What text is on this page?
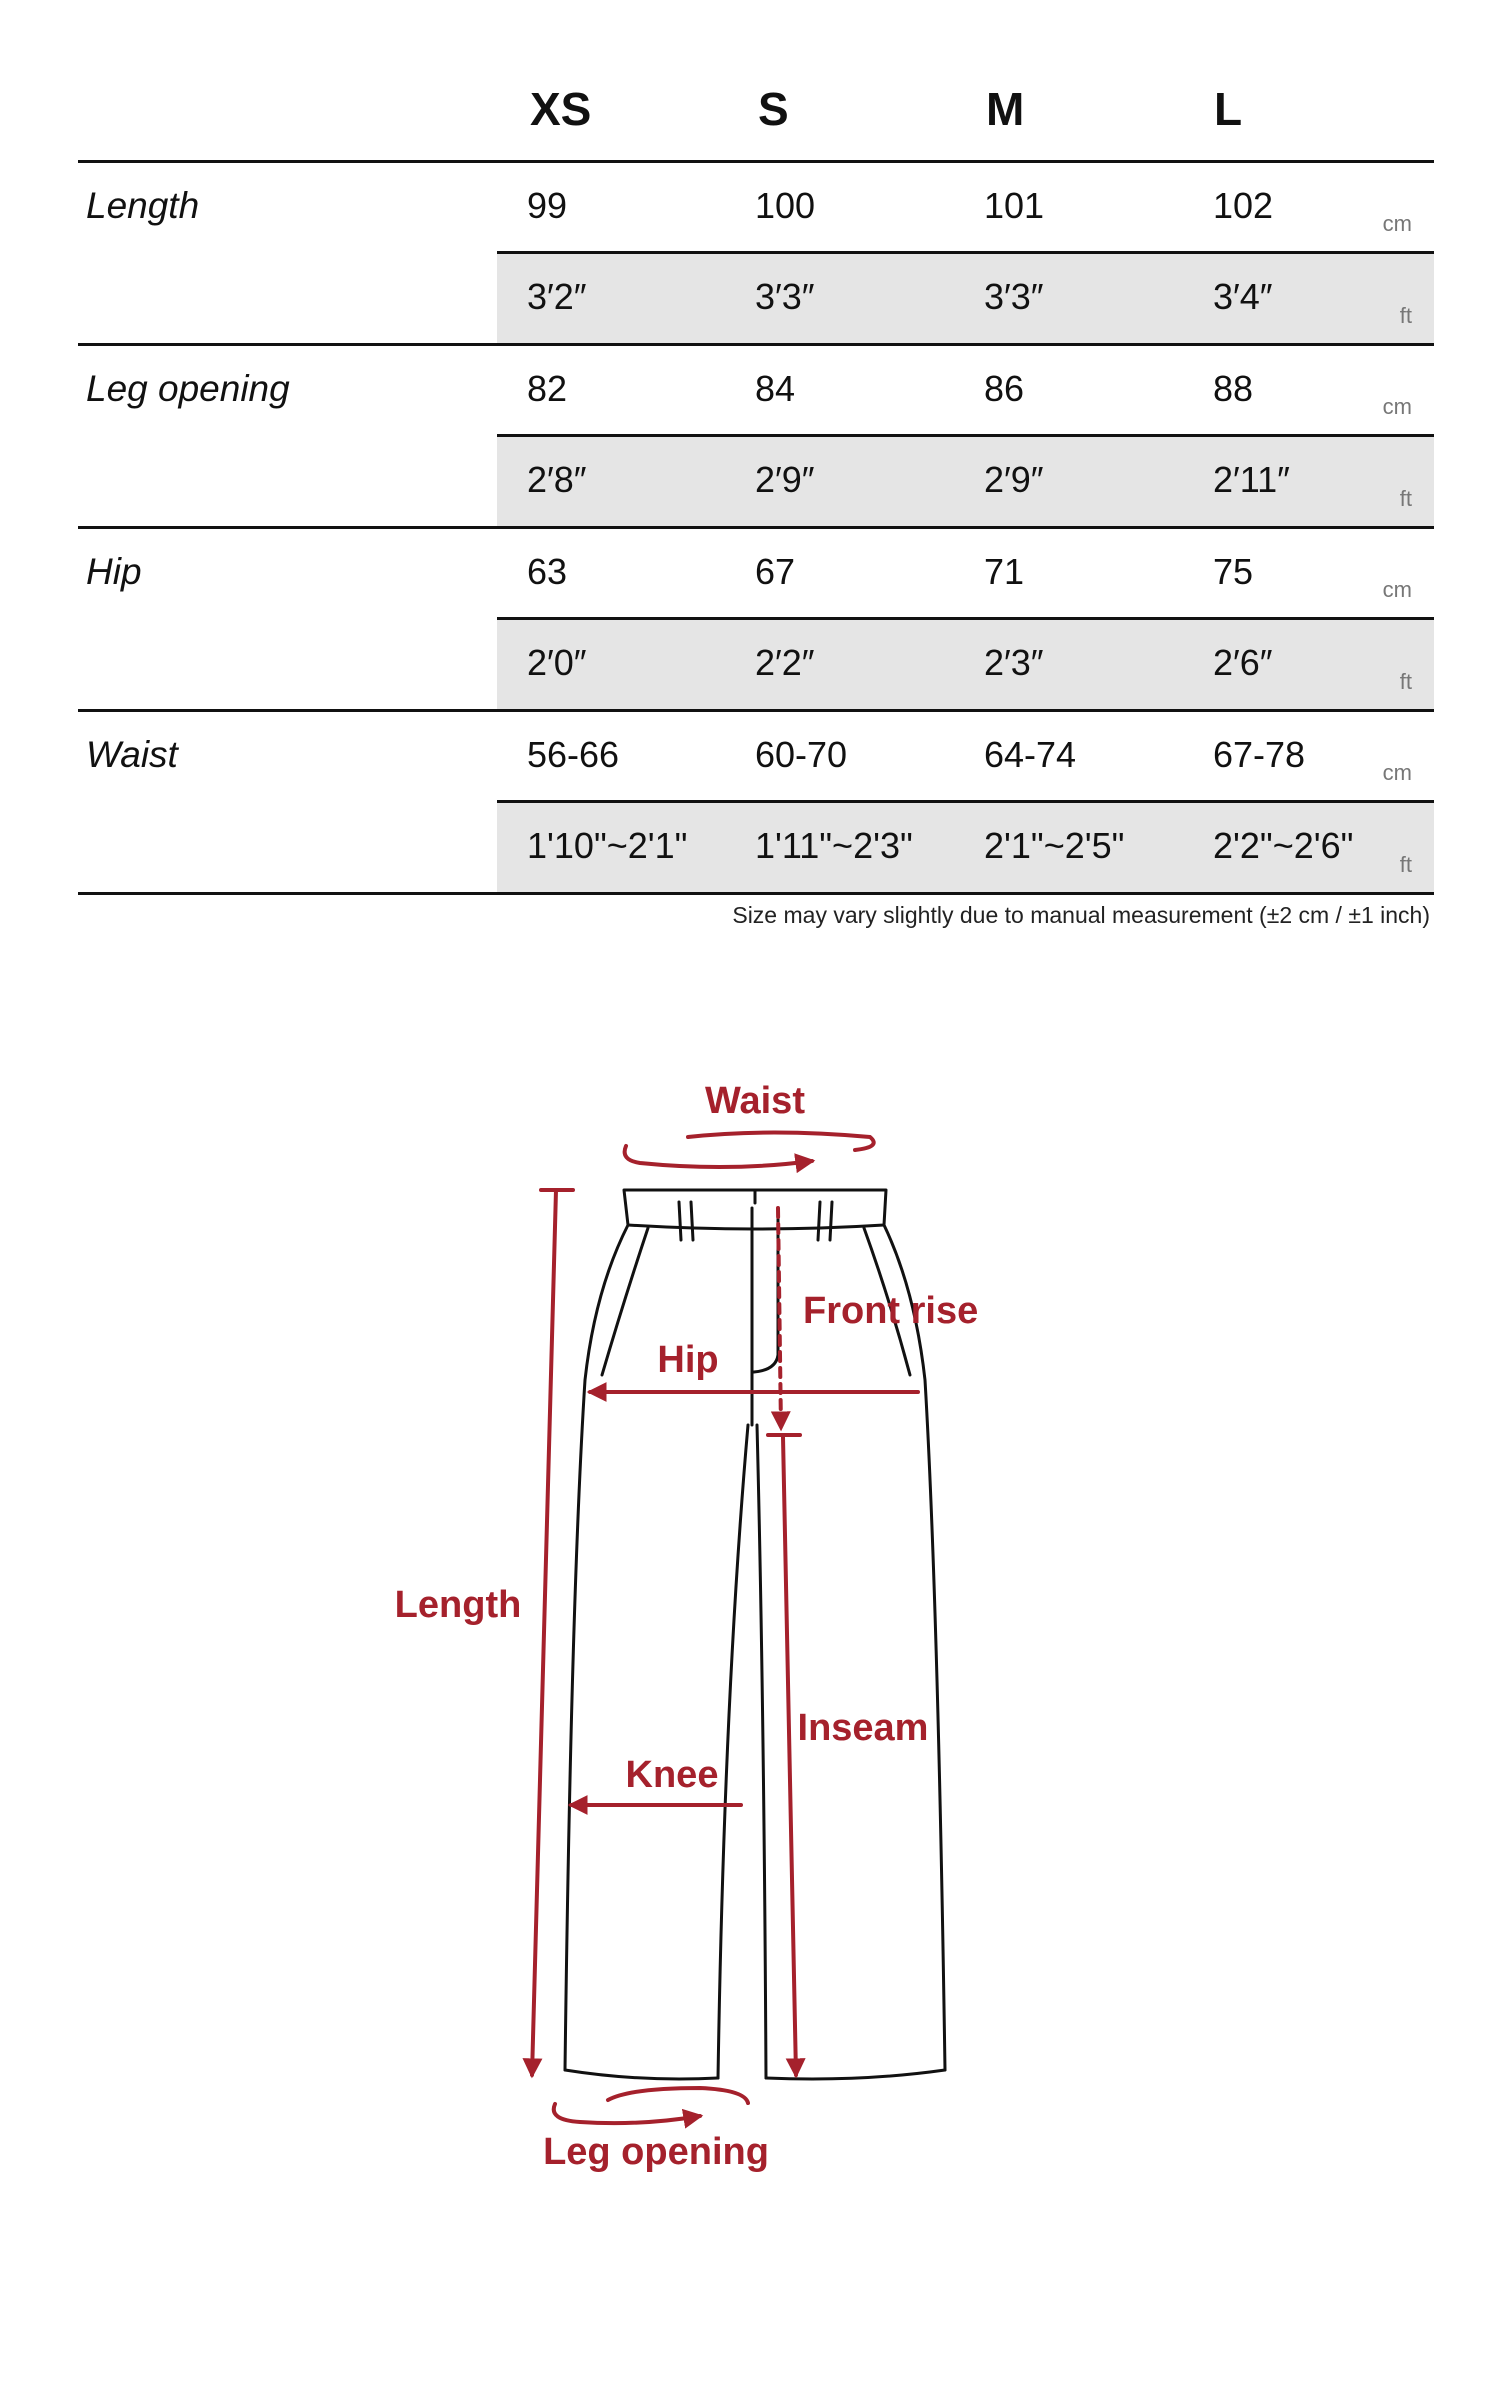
XS	S	M	L
Length	99	100	101	102	cm
3′2″	3′3″	3′3″	3′4″	ft
Leg opening	82	84	86	88	cm
2′8″	2′9″	2′9″	2′11″	ft
Hip	63	67	71	75	cm
2′0″	2′2″	2′3″	2′6″	ft
Waist	56-66	60-70	64-74	67-78	cm
1'10"~2'1" 1'11"~2'3" 2'1"~2'5" 2'2"~2'6" ft
Size may vary slightly due to manual measurement (±2 cm / ±1 inch)
Waist
Front rise
Hip
Length
Inseam
Knee
Leg opening
